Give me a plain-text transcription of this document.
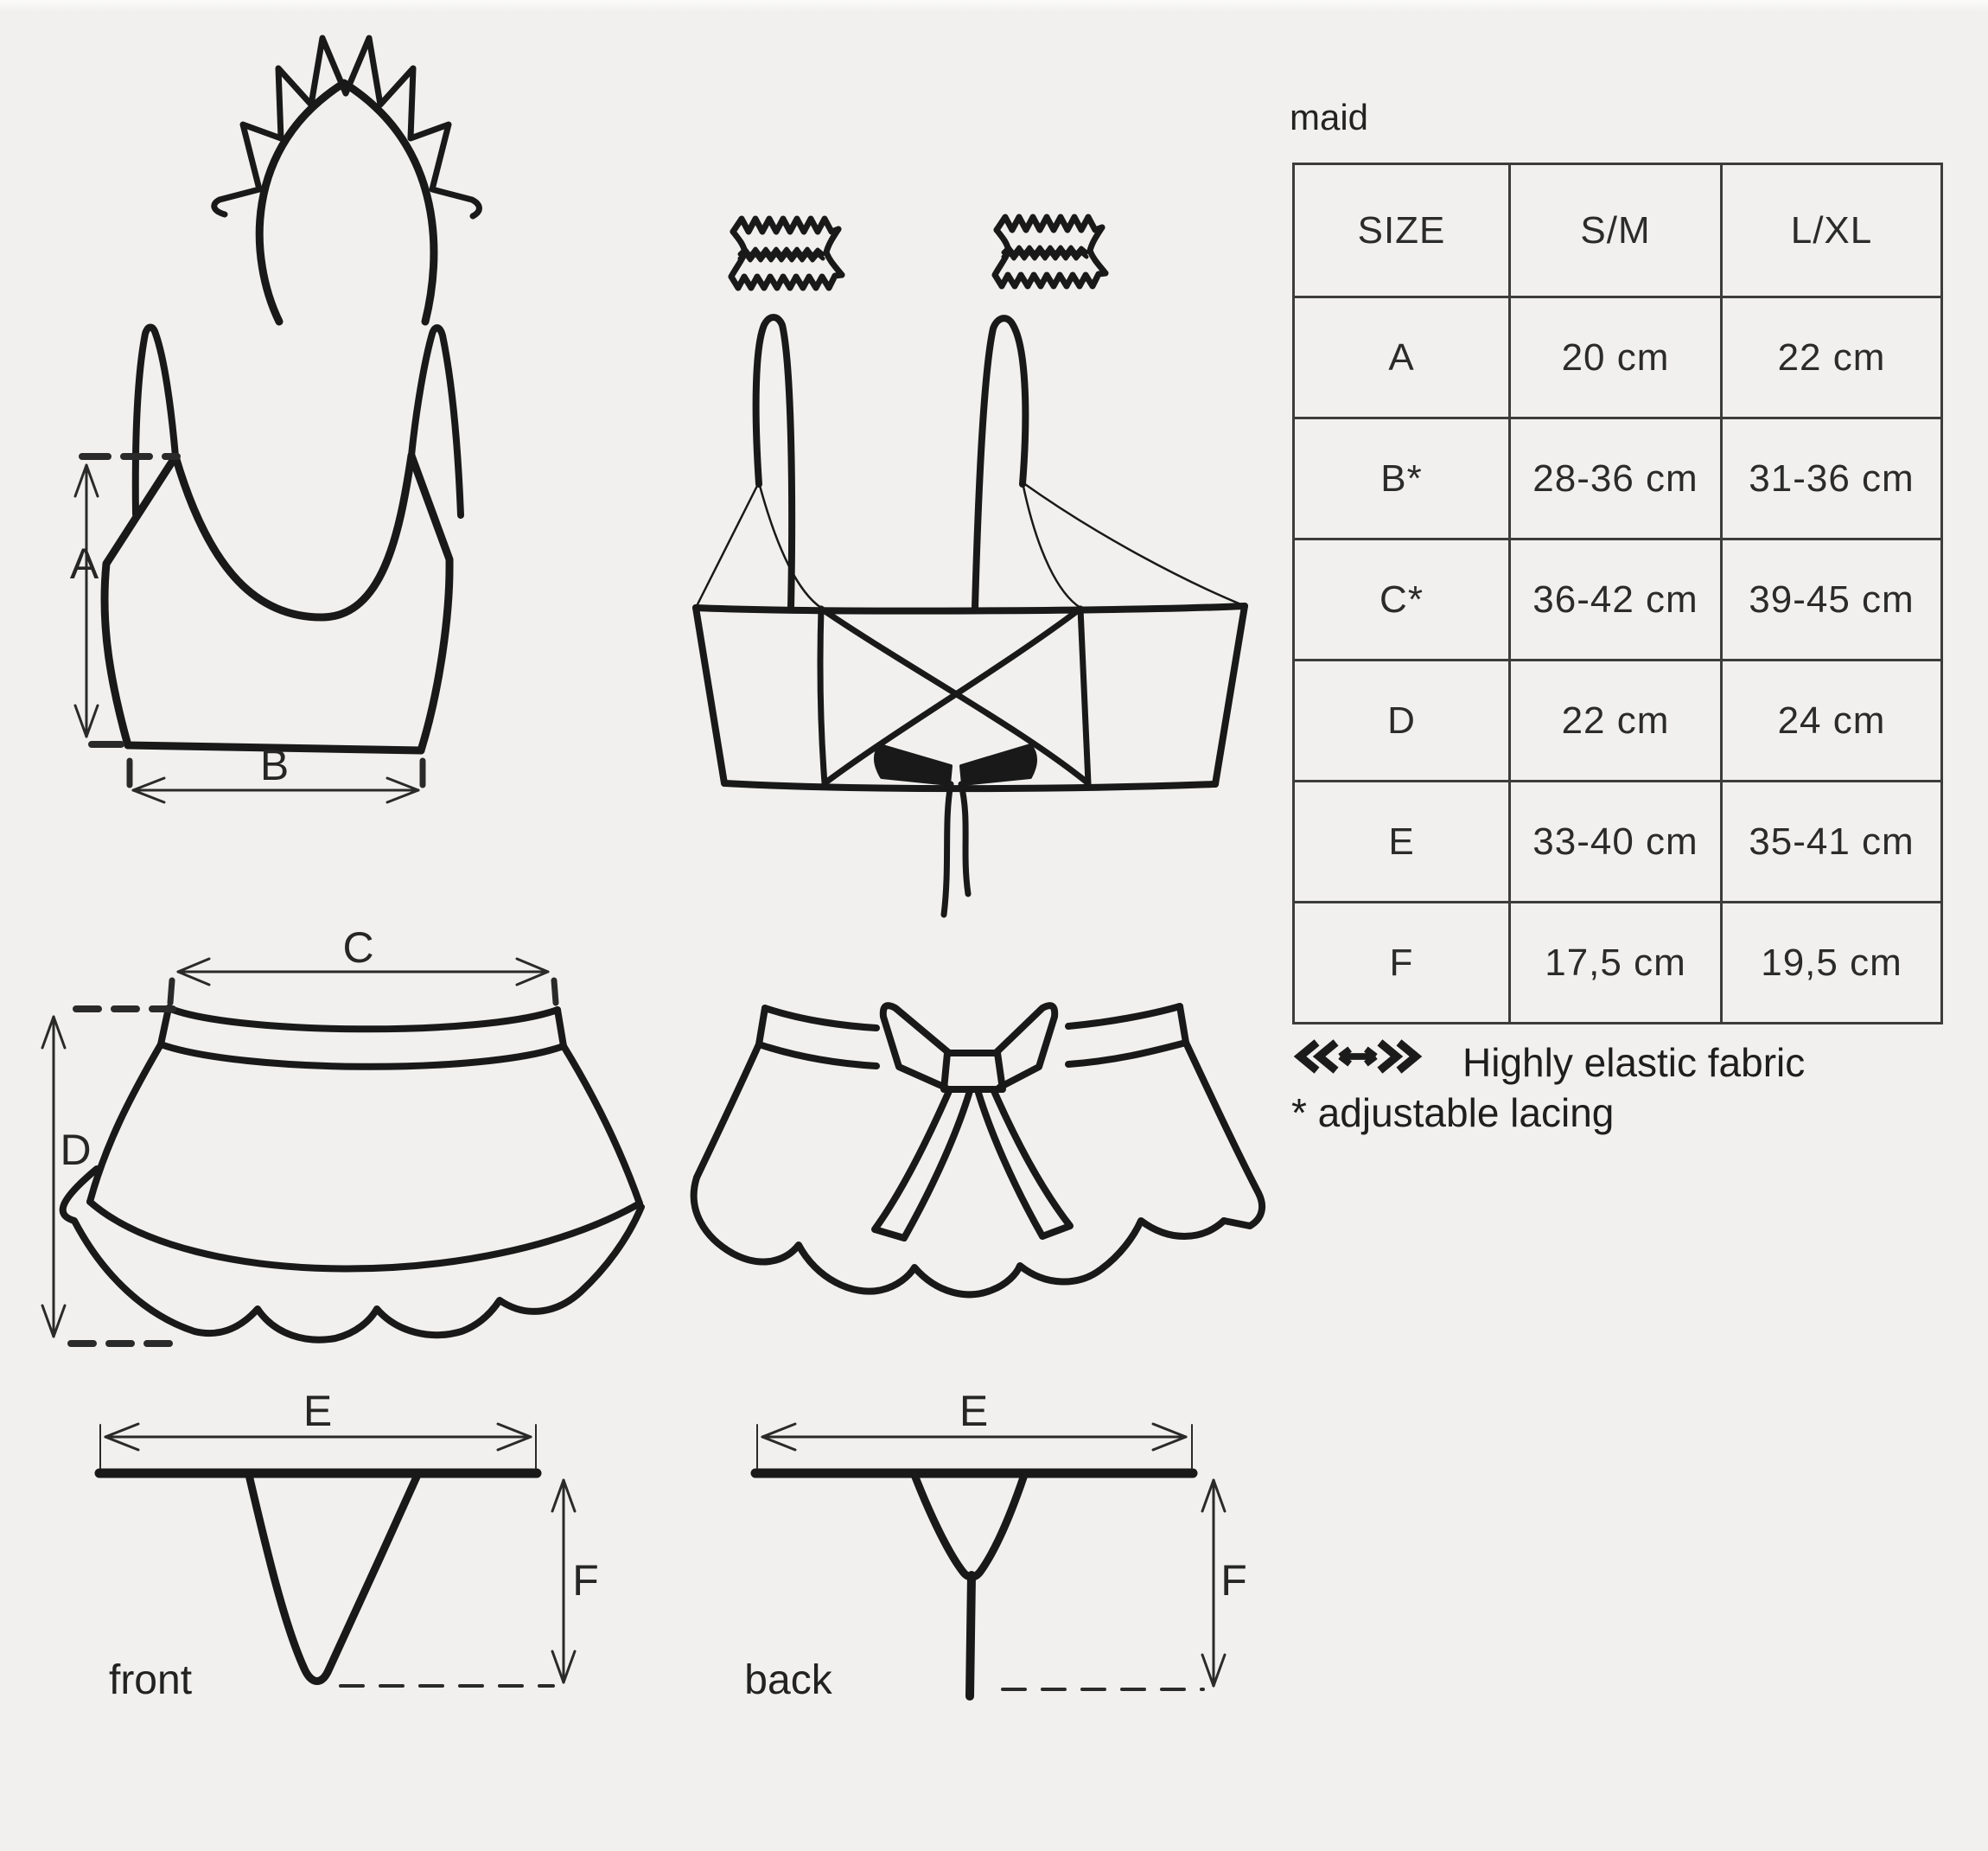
A
B
C
D
E
F
E
F
front	back
maid
SIZE	S/M	L/XL
A	20 cm	22 cm
B*	28-36 cm	31-36 cm
C*	36-42 cm	39-45 cm
D	22 cm	24 cm
E	33-40 cm	35-41 cm
F	17,5 cm	19,5 cm
Highly elastic fabric
* adjustable lacing
